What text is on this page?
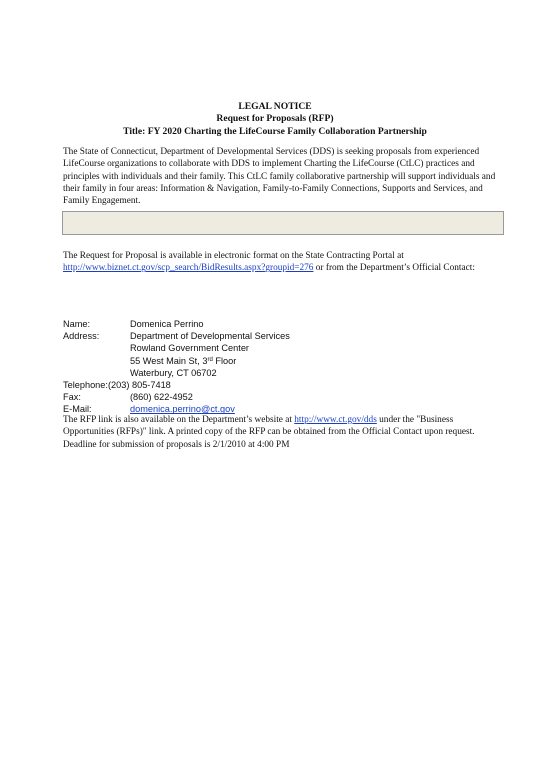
LEGAL NOTICE
Request for Proposals (RFP)
Title: FY 2020 Charting the LifeCourse Family Collaboration Partnership
The State of Connecticut, Department of Developmental Services (DDS) is seeking proposals from experienced LifeCourse organizations to collaborate with DDS to implement Charting the LifeCourse (CtLC) practices and principles with individuals and their family. This CtLC family collaborative partnership will support individuals and their family in four areas: Information & Navigation, Family-to-Family Connections, Supports and Services, and Family Engagement.
The Request for Proposal is available in electronic format on the State Contracting Portal at http://www.biznet.ct.gov/scp_search/BidResults.aspx?groupid=276 or from the Department’s Official Contact:
Name:	Domenica Perrino
Address:	Department of Developmental Services
Rowland Government Center
55 West Main St, 3rd Floor
Waterbury, CT 06702
Telephone:(203) 805-7418
Fax:	(860) 622-4952
E-Mail:	domenica.perrino@ct.gov
The RFP link is also available on the Department’s website at http://www.ct.gov/dds under the "Business Opportunities (RFPs)" link. A printed copy of the RFP can be obtained from the Official Contact upon request. Deadline for submission of proposals is 2/1/2010 at 4:00 PM
